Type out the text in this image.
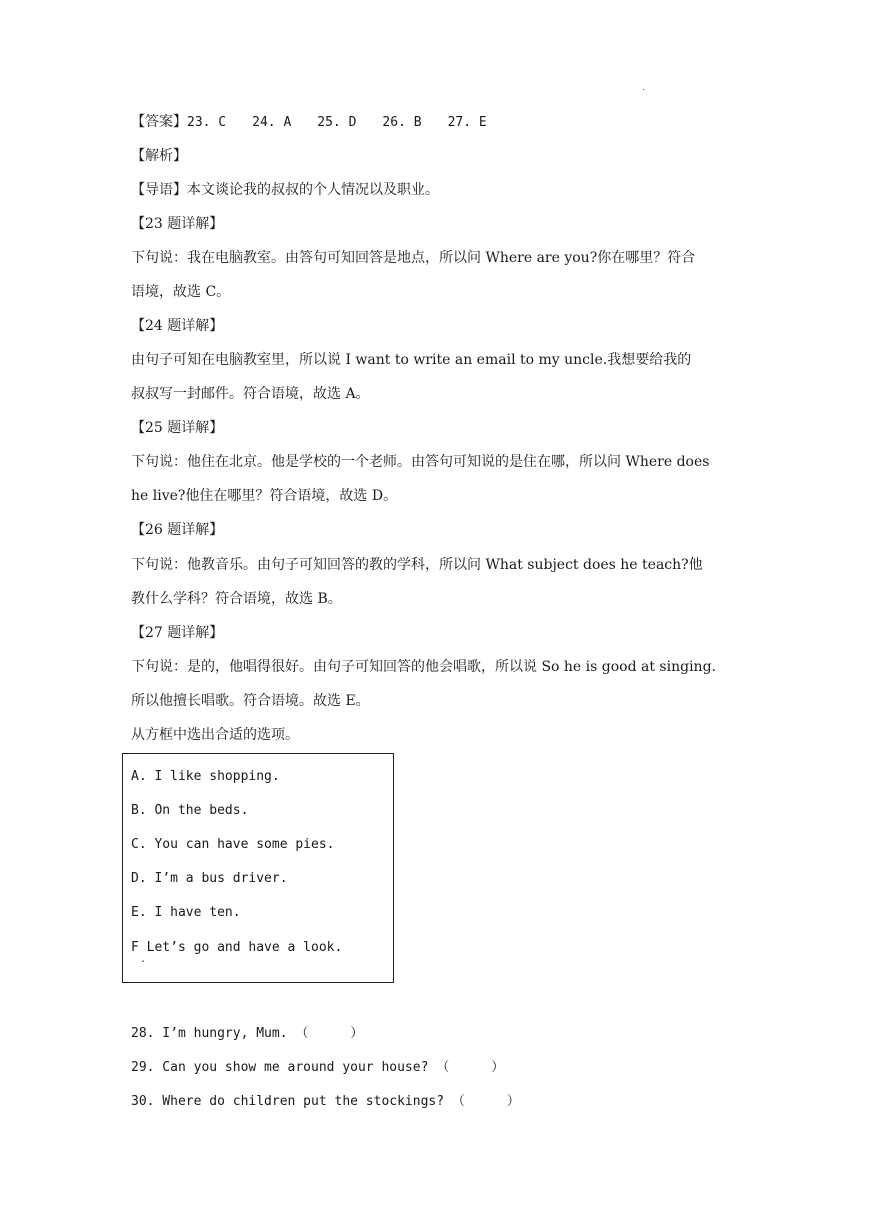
.
【答案】23. C 24. A 25. D 26. B 27. E
【解析】
【导语】本文谈论我的叔叔的个人情况以及职业。
【23 题详解】
下句说：我在电脑教室。由答句可知回答是地点，所以问 Where are you?你在哪里？符合
语境，故选 C。
【24 题详解】
由句子可知在电脑教室里，所以说 I want to write an email to my uncle.我想要给我的
叔叔写一封邮件。符合语境，故选 A。
【25 题详解】
下句说：他住在北京。他是学校的一个老师。由答句可知说的是住在哪，所以问 Where does
he live?他住在哪里？符合语境，故选 D。
【26 题详解】
下句说：他教音乐。由句子可知回答的教的学科，所以问 What subject does he teach?他
教什么学科？符合语境，故选 B。
【27 题详解】
下句说：是的，他唱得很好。由句子可知回答的他会唱歌，所以说 So he is good at singing.
所以他擅长唱歌。符合语境。故选 E。
从方框中选出合适的选项。
A. I like shopping.
B. On the beds.
C. You can have some pies.
D. I’m a bus driver.
E. I have ten.
F Let’s go and have a look.
.
28. I’m hungry, Mum. （	）
29. Can you show me around your house? （	）
30. Where do children put the stockings? （	）
